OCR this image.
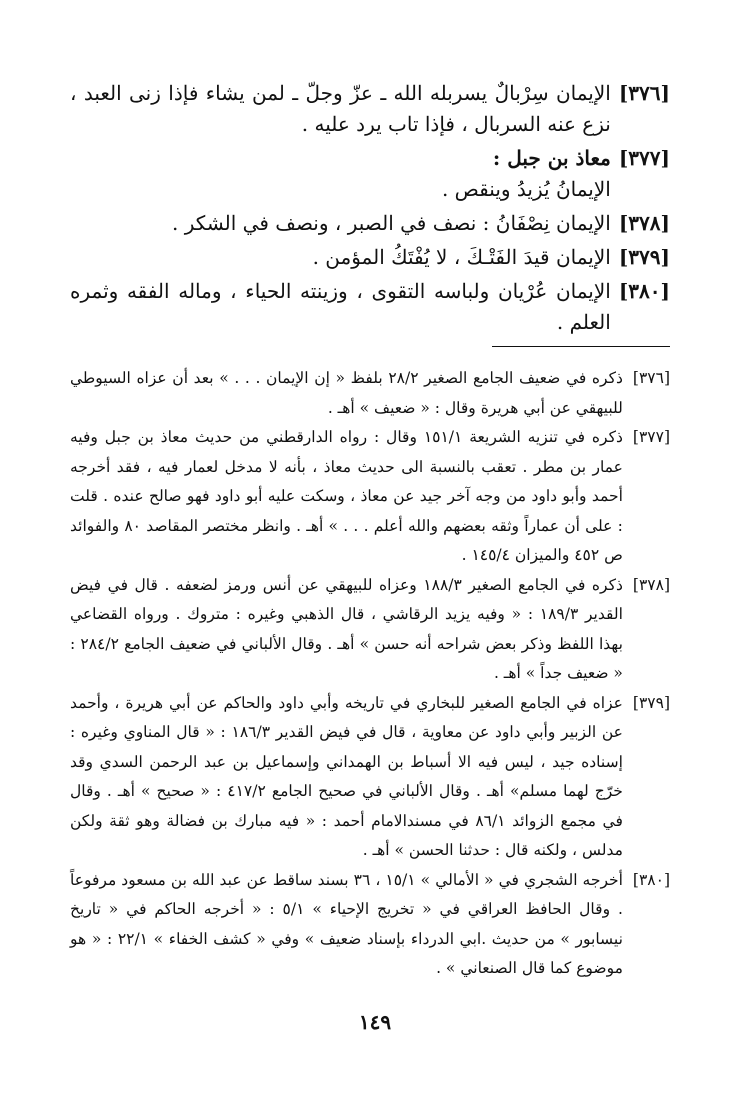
[٣٧٦]
الإيمان سِرْبالٌ يسربله الله ـ عزّ وجلّ ـ لمن يشاء فإذا زنى العبد ، نزع عنه السربال ، فإذا تاب يرد عليه .
[٣٧٧]
معاذ بن جبل :
الإيمانُ يُزيدُ وينقص .
[٣٧٨]
الإيمان نِصْفَانُ : نصف في الصبر ، ونصف في الشكر .
[٣٧٩]
الإيمان قيدَ الفَتْـكَ ، لا يُفْتَكُ المؤمن .
[٣٨٠]
الإيمان عُرْيان ولباسه التقوى ، وزينته الحياء ، وماله الفقه وثمره العلم .
[٣٧٦]
ذكره في ضعيف الجامع الصغير ٢٨/٢ بلفظ « إن الإيمان . . . » بعد أن عزاه السيوطي للبيهقي عن أبي هريرة وقال : « ضعيف » أهـ .
[٣٧٧]
ذكره في تنزيه الشريعة ١٥١/١ وقال : رواه الدارقطني من حديث معاذ بن جبل وفيه عمار بن مطر . تعقب بالنسبة الى حديث معاذ ، بأنه لا مدخل لعمار فيه ، فقد أخرجه أحمد وأبو داود من وجه آخر جيد عن معاذ ، وسكت عليه أبو داود فهو صالح عنده . قلت : على أن عماراً وثقه بعضهم والله أعلم . . . » أهـ . وانظر مختصر المقاصد ٨٠ والفوائد ص ٤٥٢ والميزان ١٤٥/٤ .
[٣٧٨]
ذكره في الجامع الصغير ١٨٨/٣ وعزاه للبيهقي عن أنس ورمز لضعفه . قال في فيض القدير ١٨٩/٣ : « وفيه يزيد الرقاشي ، قال الذهبي وغيره : متروك . ورواه القضاعي بهذا اللفظ وذكر بعض شراحه أنه حسن » أهـ . وقال الألباني في ضعيف الجامع ٢٨٤/٢ : « ضعيف جداً » أهـ .
[٣٧٩]
عزاه في الجامع الصغير للبخاري في تاريخه وأبي داود والحاكم عن أبي هريرة ، وأحمد عن الزبير وأبي داود عن معاوية ، قال في فيض القدير ١٨٦/٣ : « قال المناوي وغيره : إسناده جيد ، ليس فيه الا أسباط بن الهمداني وإسماعيل بن عبد الرحمن السدي وقد خرّج لهما مسلم» أهـ . وقال الألباني في صحيح الجامع ٤١٧/٢ : « صحيح » أهـ . وقال في مجمع الزوائد ٨٦/١ في مسندالامام أحمد : « فيه مبارك بن فضالة وهو ثقة ولكن مدلس ، ولكنه قال : حدثنا الحسن » أهـ .
[٣٨٠]
أخرجه الشجري في « الأمالي » ١٥/١ ، ٣٦ بسند ساقط عن عبد الله بن مسعود مرفوعاً . وقال الحافظ العراقي في « تخريج الإحياء » ٥/١ : « أخرجه الحاكم في « تاريخ نيسابور » من حديث .ابي الدرداء بإسناد ضعيف » وفي « كشف الخفاء » ٢٢/١ : « هو موضوع كما قال الصنعاني » .
١٤٩
